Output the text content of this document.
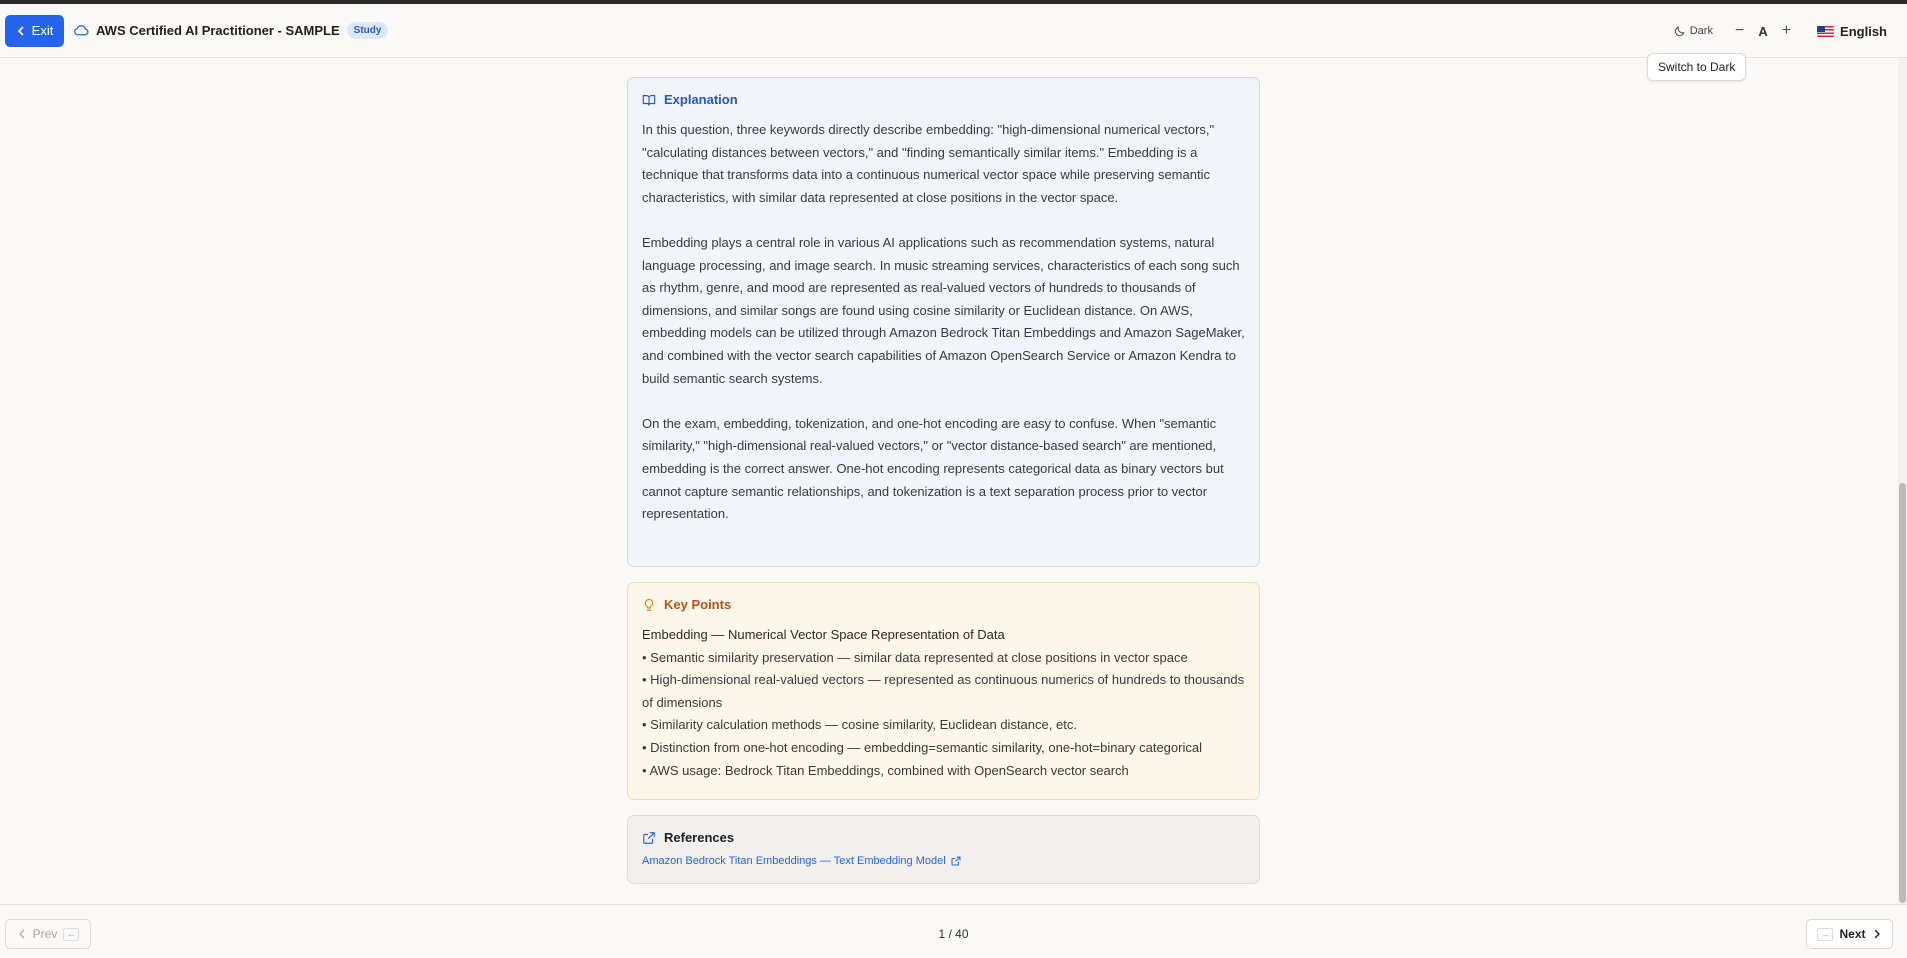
Exit	AWS Certified AI Practitioner - SAMPLE	Study	Dark − A +	English
Switch to Dark
Explanation

In this question, three keywords directly describe embedding: "high-dimensional numerical vectors," "calculating distances between vectors," and "finding semantically similar items." Embedding is a technique that transforms data into a continuous numerical vector space while preserving semantic characteristics, with similar data represented at close positions in the vector space.

Embedding plays a central role in various AI applications such as recommendation systems, natural language processing, and image search. In music streaming services, characteristics of each song such as rhythm, genre, and mood are represented as real-valued vectors of hundreds to thousands of dimensions, and similar songs are found using cosine similarity or Euclidean distance. On AWS, embedding models can be utilized through Amazon Bedrock Titan Embeddings and Amazon SageMaker, and combined with the vector search capabilities of Amazon OpenSearch Service or Amazon Kendra to build semantic search systems.

On the exam, embedding, tokenization, and one-hot encoding are easy to confuse. When "semantic similarity," "high-dimensional real-valued vectors," or "vector distance-based search" are mentioned, embedding is the correct answer. One-hot encoding represents categorical data as binary vectors but cannot capture semantic relationships, and tokenization is a text separation process prior to vector representation.

Key Points
Embedding — Numerical Vector Space Representation of Data
• Semantic similarity preservation — similar data represented at close positions in vector space
• High-dimensional real-valued vectors — represented as continuous numerics of hundreds to thousands of dimensions
• Similarity calculation methods — cosine similarity, Euclidean distance, etc.
• Distinction from one-hot encoding — embedding=semantic similarity, one-hot=binary categorical
• AWS usage: Bedrock Titan Embeddings, combined with OpenSearch vector search
References
Amazon Bedrock Titan Embeddings — Text Embedding Model
Prev	←	1 / 40	→ Next
